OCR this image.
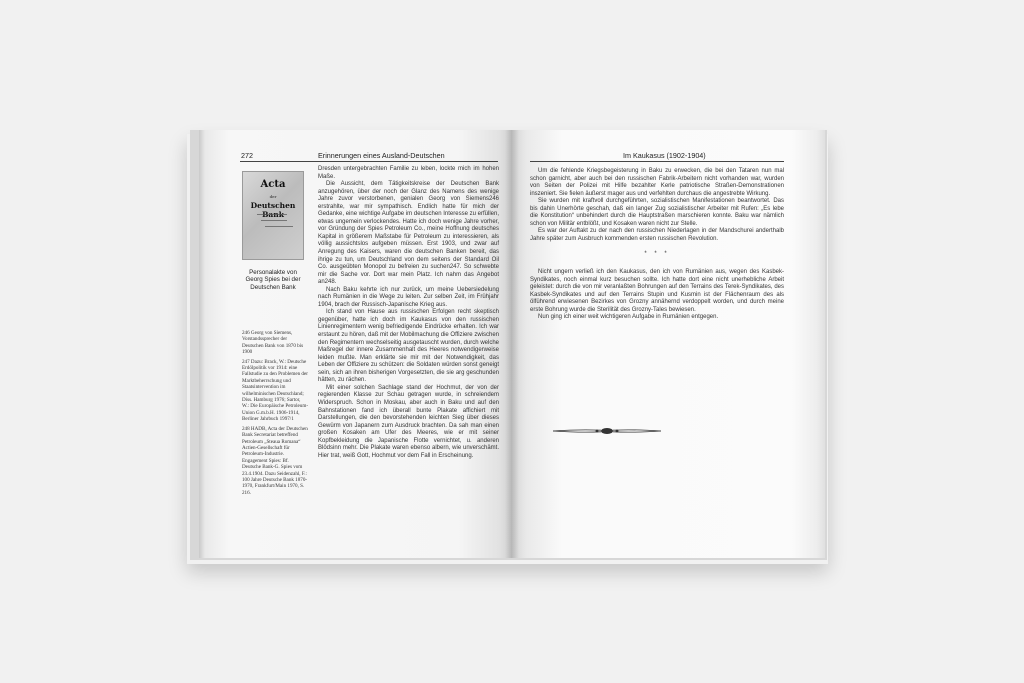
272	Erinnerungen eines Ausland-Deutschen
Acta
der
Deutschen
Personalakte von Georg Spies bei der Deutschen Bank

246 Georg von Siemens, Vorstandssprecher der Deutschen Bank von 1870 bis 1900

247 Dazu: Brack, W.: Deutsche Erdölpolitik vor 1914: eine Fallstudie zu den Problemen der Marktbeherrschung und Staatsintervention im wilhelminischen Deutschland; Diss. Hamburg 1976; Sartor, W.: Die Europäische Petroleum-Union G.m.b.H. 1906-1914, Berliner Jahrbuch 1997/1

248 HADB, Acta der Deutschen Bank Secretariat betreffend Petroleum „Steaua Romana“ Actien-Gesellschaft für Petroleum-Industrie. Engagement Spies: Bf. Deutsche Bank-G. Spies vom 23.4.1904. Dazu Seidenzahl, F.: 100 Jahre Deutsche Bank 1870-1970, Frankfurt/Main 1970, S. 216.

Dresden untergebrachten Familie zu leben, lockte mich im hohen Maße.

Die Aussicht, dem Tätigkeitskreise der Deutschen Bank anzugehören, über der noch der Glanz des Namens des wenige Jahre zuvor verstorbenen, genialen Georg von Siemens246 erstrahlte, war mir sympathisch. Endlich hatte für mich der Gedanke, eine wichtige Aufgabe im deutschen Interesse zu erfüllen, etwas ungemein verlockendes. Hatte ich doch wenige Jahre vorher, vor Gründung der Spies Petroleum Co., meine Hoffnung deutsches Kapital in größerem Maßstabe für Petroleum zu interessieren, als völlig aussichtslos aufgeben müssen. Erst 1903, und zwar auf Anregung des Kaisers, waren die deutschen Banken bereit, das ihrige zu tun, um Deutschland von dem seitens der Standard Oil Co. ausgeübten Monopol zu befreien zu suchen247. So schwebte mir die Sache vor. Dort war mein Platz. Ich nahm das Angebot an248.

Nach Baku kehrte ich nur zurück, um meine Uebersiedelung nach Rumänien in die Wege zu leiten. Zur selben Zeit, im Frühjahr 1904, brach der Russisch-Japanische Krieg aus.

Ich stand von Hause aus russischen Erfolgen recht skeptisch gegenüber, hatte ich doch im Kaukasus von den russischen Linienregimentern wenig befriedigende Eindrücke erhalten. Ich war erstaunt zu hören, daß mit der Mobilmachung die Offiziere zwischen den Regimentern wechselseitig ausgetauscht wurden, durch welche Maßregel der innere Zusammenhalt des Heeres notwendigerweise leiden mußte. Man erklärte sie mir mit der Notwendigkeit, das Leben der Offiziere zu schützen: die Soldaten würden sonst geneigt sein, sich an ihren bisherigen Vorgesetzten, die sie arg geschunden hätten, zu rächen.

Mit einer solchen Sachlage stand der Hochmut, der von der regierenden Klasse zur Schau getragen wurde, in schreiendem Widerspruch. Schon in Moskau, aber auch in Baku und auf den Bahnstationen fand ich überall bunte Plakate affichiert mit Darstellungen, die den bevorstehenden leichten Sieg über dieses Gewürm von Japanern zum Ausdruck brachten. Da sah man einen großen Kosaken am Ufer des Meeres, wie er mit seiner Kopfbekleidung die Japanische Flotte vernichtet, u. anderen Blödsinn mehr. Die Plakate waren ebenso albern, wie unverschämt. Hier trat, weiß Gott, Hochmut vor dem Fall in Erscheinung.

Im Kaukasus (1902-1904)

Um die fehlende Kriegsbegeisterung in Baku zu erwecken, die bei den Tataren nun mal schon garnicht, aber auch bei den russischen Fabrik-Arbeitern nicht vorhanden war, wurden von Seiten der Polizei mit Hilfe bezahlter Kerle patriotische Straßen-Demonstrationen inszeniert. Sie fielen äußerst mager aus und verfehlten durchaus die angestrebte Wirkung.

Sie wurden mit kraftvoll durchgeführten, sozialistischen Manifestationen beantwortet. Das bis dahin Unerhörte geschah, daß ein langer Zug sozialistischer Arbeiter mit Rufen: „Es lebe die Konstitution“ unbehindert durch die Hauptstraßen marschieren konnte. Baku war nämlich schon von Militär entblößt, und Kosaken waren nicht zur Stelle.

Es war der Auftakt zu der nach den russischen Niederlagen in der Mandschurei anderthalb Jahre später zum Ausbruch kommenden ersten russischen Revolution.

* * *

Nicht ungern verließ ich den Kaukasus, den ich von Rumänien aus, wegen des Kasbek-Syndikates, noch einmal kurz besuchen sollte. Ich hatte dort eine nicht unerhebliche Arbeit geleistet: durch die von mir veranlaßten Bohrungen auf den Terrains des Terek-Syndikates, des Kasbek-Syndikates und auf den Terrains Stupin und Kusmin ist der Flächenraum des als ölführend erwiesenen Bezirkes von Grozny annähernd verdoppelt worden, und durch meine erste Bohrung wurde die Sterilität des Grozny-Tales bewiesen.

Nun ging ich einer weit wichtigeren Aufgabe in Rumänien entgegen.
